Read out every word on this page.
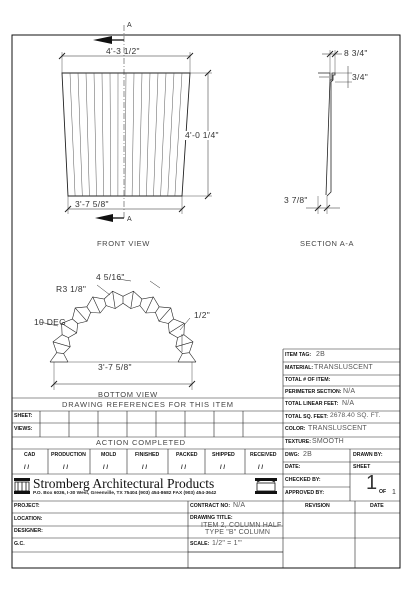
A
A
4'-3 1/2"
4'-0 1/4"
3'-7 5/8"
FRONT VIEW
8 3/4"
3/4"
3 7/8"
SECTION A-A
4 5/16"
R3 1/8"
10 DEG
1/2"
3'-7 5/8"
BOTTOM VIEW
DRAWING REFERENCES FOR THIS ITEM
SHEET:
VIEWS:
ACTION COMPLETED
CAD	PRODUCTION	MOLD	FINISHED	PACKED	SHIPPED	RECEIVED
/ /	/ /	/ /	/ /	/ /	/ /	/ /
Stromberg Architectural Products
P.O. Box 6036, I-30 West, Greenville, TX 75404 (903) 454-8682 FAX (903) 454-3642
ITEM TAG: 2B
MATERIAL: TRANSLUSCENT
TOTAL # OF ITEM:
PERIMETER SECTION: N/A
TOTAL LINEAR FEET: N/A
TOTAL SQ. FEET: 2678.40 SQ. FT.
COLOR: TRANSLUSCENT
TEXTURE: SMOOTH
DWG: 2B	DRAWN BY:
DATE:	SHEET
1 OF 1
CHECKED BY:
APPROVED BY:
PROJECT:
LOCATION:
DESIGNER:
G.C.
CONTRACT NO: N/A
DRAWING TITLE:
ITEM 2, COLUMN HALF
TYPE "B" COLUMN
SCALE: 1/2" = 1'"
REVISION	DATE
